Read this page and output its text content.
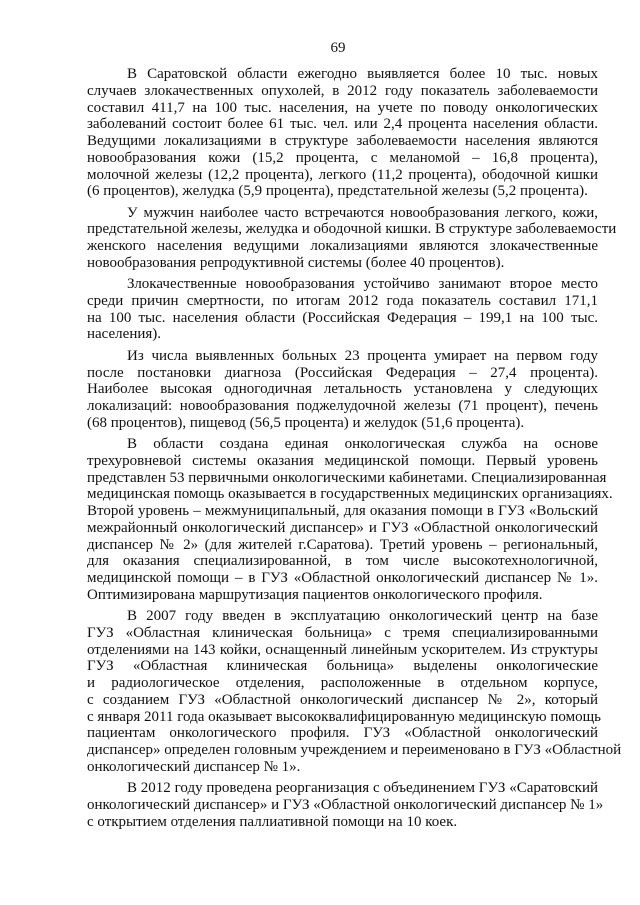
69
В Саратовской области ежегодно выявляется более 10 тыс. новых
случаев злокачественных опухолей, в 2012 году показатель заболеваемости
составил 411,7 на 100 тыс. населения, на учете по поводу онкологических
заболеваний состоит более 61 тыс. чел. или 2,4 процента населения области.
Ведущими локализациями в структуре заболеваемости населения являются
новообразования кожи (15,2 процента, с меланомой – 16,8 процента),
молочной железы (12,2 процента), легкого (11,2 процента), ободочной кишки
(6 процентов), желудка (5,9 процента), предстательной железы (5,2 процента).
У мужчин наиболее часто встречаются новообразования легкого, кожи,
предстательной железы, желудка и ободочной кишки. В структуре заболеваемости
женского населения ведущими локализациями являются злокачественные
новообразования репродуктивной системы (более 40 процентов).
Злокачественные новообразования устойчиво занимают второе место
среди причин смертности, по итогам 2012 года показатель составил 171,1
на 100 тыс. населения области (Российская Федерация – 199,1 на 100 тыс.
населения).
Из числа выявленных больных 23 процента умирает на первом году
после постановки диагноза (Российская Федерация – 27,4 процента).
Наиболее высокая одногодичная летальность установлена у следующих
локализаций: новообразования поджелудочной железы (71 процент), печень
(68 процентов), пищевод (56,5 процента) и желудок (51,6 процента).
В области создана единая онкологическая служба на основе
трехуровневой системы оказания медицинской помощи. Первый уровень
представлен 53 первичными онкологическими кабинетами. Специализированная
медицинская помощь оказывается в государственных медицинских организациях.
Второй уровень – межмуниципальный, для оказания помощи в ГУЗ «Вольский
межрайонный онкологический диспансер» и ГУЗ «Областной онкологический
диспансер № 2» (для жителей г.Саратова). Третий уровень – региональный,
для оказания специализированной, в том числе высокотехнологичной,
медицинской помощи – в ГУЗ «Областной онкологический диспансер № 1».
Оптимизирована маршрутизация пациентов онкологического профиля.
В 2007 году введен в эксплуатацию онкологический центр на базе
ГУЗ «Областная клиническая больница» с тремя специализированными
отделениями на 143 койки, оснащенный линейным ускорителем. Из структуры
ГУЗ «Областная клиническая больница» выделены онкологические
и радиологическое отделения, расположенные в отдельном корпусе,
с созданием ГУЗ «Областной онкологический диспансер № 2», который
с января 2011 года оказывает высококвалифицированную медицинскую помощь
пациентам онкологического профиля. ГУЗ «Областной онкологический
диспансер» определен головным учреждением и переименовано в ГУЗ «Областной
онкологический диспансер № 1».
В 2012 году проведена реорганизация с объединением ГУЗ «Саратовский
онкологический диспансер» и ГУЗ «Областной онкологический диспансер № 1»
с открытием отделения паллиативной помощи на 10 коек.
